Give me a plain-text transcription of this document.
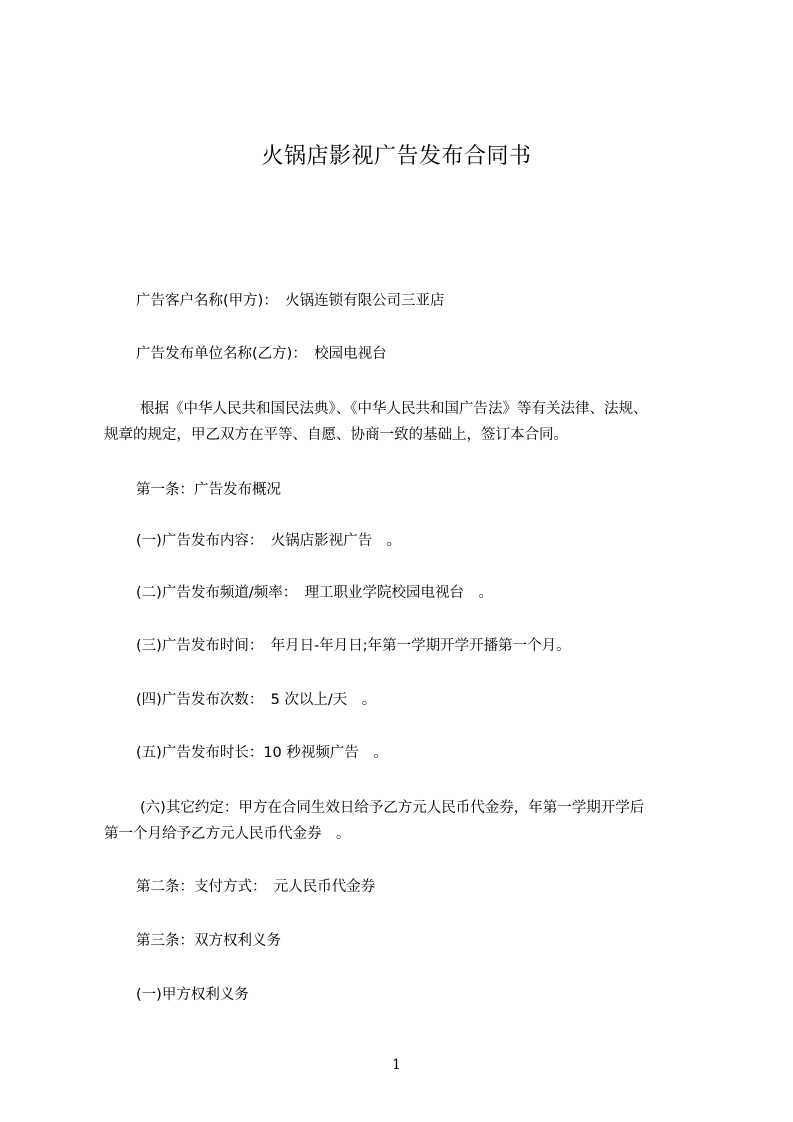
火锅店影视广告发布合同书
广告客户名称(甲方)：　火锅连锁有限公司三亚店
广告发布单位名称(乙方)：　校园电视台
根据《中华人民共和国民法典》、《中华人民共和国广告法》等有关法律、法规、
规章的规定，甲乙双方在平等、自愿、协商一致的基础上，签订本合同。
第一条：广告发布概况
(一)广告发布内容：　火锅店影视广告　。
(二)广告发布频道/频率：　理工职业学院校园电视台　。
(三)广告发布时间：　年月日-年月日;年第一学期开学开播第一个月。
(四)广告发布次数：　5 次以上/天　。
(五)广告发布时长：10 秒视频广告　。
(六)其它约定：甲方在合同生效日给予乙方元人民币代金券，年第一学期开学后
第一个月给予乙方元人民币代金券　。
第二条：支付方式：　元人民币代金券
第三条：双方权利义务
(一)甲方权利义务
1
